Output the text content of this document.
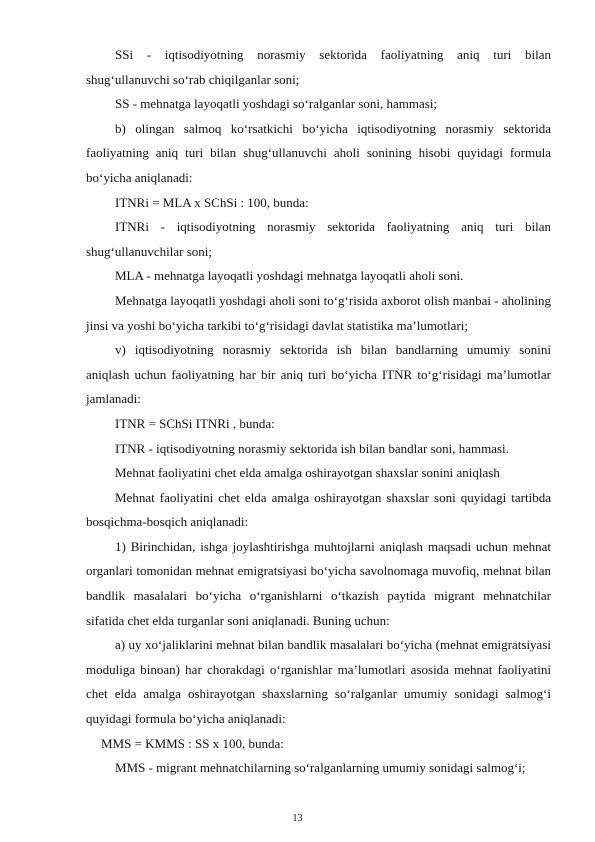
SSi - iqtisodiyotning norasmiy sektorida faoliyatning aniq turi bilan shug‘ullanuvchi so‘rab chiqilganlar soni;

SS - mehnatga layoqatli yoshdagi so‘ralganlar soni, hammasi;

b) olingan salmoq ko‘rsatkichi bo‘yicha iqtisodiyotning norasmiy sektorida faoliyatning aniq turi bilan shug‘ullanuvchi aholi sonining hisobi quyidagi formula bo‘yicha aniqlanadi:

ITNRi = MLA x SChSi : 100, bunda:

ITNRi - iqtisodiyotning norasmiy sektorida faoliyatning aniq turi bilan shug‘ullanuvchilar soni;

MLA - mehnatga layoqatli yoshdagi mehnatga layoqatli aholi soni.

Mehnatga layoqatli yoshdagi aholi soni to‘g‘risida axborot olish manbai - aholining jinsi va yoshi bo‘yicha tarkibi to‘g‘risidagi davlat statistika ma’lumotlari;

v) iqtisodiyotning norasmiy sektorida ish bilan bandlarning umumiy sonini aniqlash uchun faoliyatning har bir aniq turi bo‘yicha ITNR to‘g‘risidagi ma’lumotlar jamlanadi:

ITNR = SChSi ITNRi , bunda:

ITNR - iqtisodiyotning norasmiy sektorida ish bilan bandlar soni, hammasi.

Mehnat faoliyatini chet elda amalga oshirayotgan shaxslar sonini aniqlash

Mehnat faoliyatini chet elda amalga oshirayotgan shaxslar soni quyidagi tartibda bosqichma-bosqich aniqlanadi:

1) Birinchidan, ishga joylashtirishga muhtojlarni aniqlash maqsadi uchun mehnat organlari tomonidan mehnat emigratsiyasi bo‘yicha savolnomaga muvofiq, mehnat bilan bandlik masalalari bo‘yicha o‘rganishlarni o‘tkazish paytida migrant mehnatchilar sifatida chet elda turganlar soni aniqlanadi. Buning uchun:

a) uy xo‘jaliklarini mehnat bilan bandlik masalalari bo‘yicha (mehnat emigratsiyasi moduliga binoan) har chorakdagi o‘rganishlar ma’lumotlari asosida mehnat faoliyatini chet elda amalga oshirayotgan shaxslarning so‘ralganlar umumiy sonidagi salmog‘i quyidagi formula bo‘yicha aniqlanadi:

MMS = KMMS : SS x 100, bunda:

MMS - migrant mehnatchilarning so‘ralganlarning umumiy sonidagi salmog‘i;

13
